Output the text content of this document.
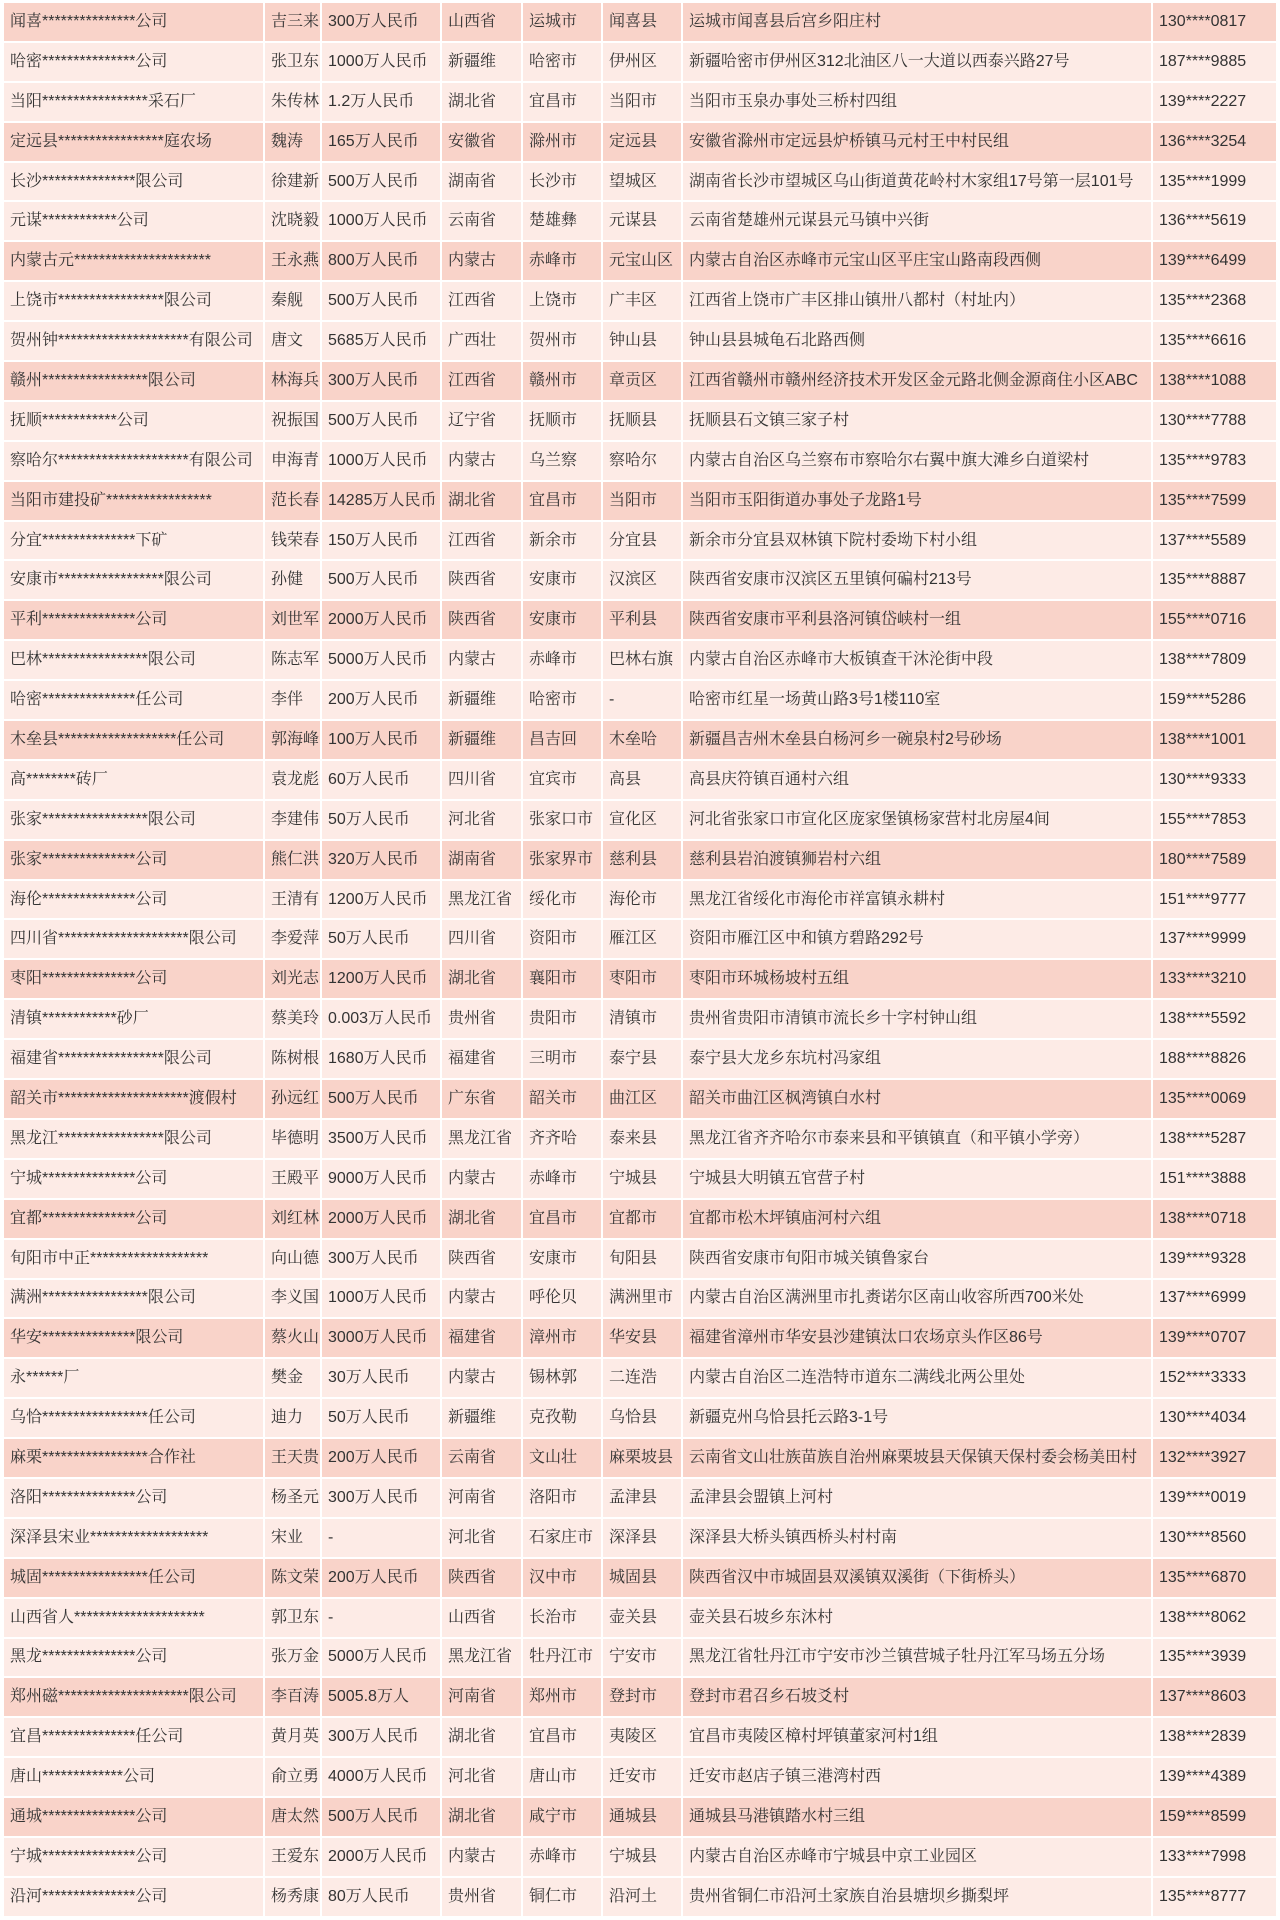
闻喜***************公司	吉三来 300万人民币	山西省	运城市	闻喜县	运城市闻喜县后宫乡阳庄村	130****0817
哈密***************公司	张卫东 1000万人民币	新疆维	哈密市	伊州区	新疆哈密市伊州区312北油区八一大道以西泰兴路27号	187****9885
当阳*****************采石厂	朱传林 1.2万人民币	湖北省	宜昌市	当阳市	当阳市玉泉办事处三桥村四组	139****2227
定远县*****************庭农场	魏涛	165万人民币	安徽省	滁州市	定远县	安徽省滁州市定远县炉桥镇马元村王中村民组	136****3254
长沙***************限公司	徐建新 500万人民币	湖南省	长沙市	望城区	湖南省长沙市望城区乌山街道黄花岭村木家组17号第一层101号	135****1999
元谋************公司	沈晓毅 1000万人民币	云南省	楚雄彝	元谋县	云南省楚雄州元谋县元马镇中兴街	136****5619
内蒙古元**********************	王永燕 800万人民币	内蒙古	赤峰市	元宝山区 内蒙古自治区赤峰市元宝山区平庄宝山路南段西侧	139****6499
上饶市*****************限公司	秦舰	500万人民币	江西省	上饶市	广丰区	江西省上饶市广丰区排山镇卅八都村（村址内）	135****2368
贺州钟*********************有限公司	唐文	5685万人民币	广西壮	贺州市	钟山县	钟山县县城龟石北路西侧	135****6616
赣州*****************限公司	林海兵 300万人民币	江西省	赣州市	章贡区	江西省赣州市赣州经济技术开发区金元路北侧金源商住小区ABC	138****1088
抚顺************公司	祝振国 500万人民币	辽宁省	抚顺市	抚顺县	抚顺县石文镇三家子村	130****7788
察哈尔*********************有限公司	申海青 1000万人民币	内蒙古	乌兰察	察哈尔	内蒙古自治区乌兰察布市察哈尔右翼中旗大滩乡白道梁村	135****9783
当阳市建投矿*****************	范长春 14285万人民币 湖北省	宜昌市	当阳市	当阳市玉阳街道办事处子龙路1号	135****7599
分宜***************下矿	钱荣春 150万人民币	江西省	新余市	分宜县	新余市分宜县双林镇下院村委坳下村小组	137****5589
安康市*****************限公司	孙健	500万人民币	陕西省	安康市	汉滨区	陕西省安康市汉滨区五里镇何碥村213号	135****8887
平利***************公司	刘世军 2000万人民币	陕西省	安康市	平利县	陕西省安康市平利县洛河镇岱峡村一组	155****0716
巴林*****************限公司	陈志军 5000万人民币	内蒙古	赤峰市	巴林右旗 内蒙古自治区赤峰市大板镇查干沐沦街中段	138****7809
哈密***************任公司	李伴	200万人民币	新疆维	哈密市	-	哈密市红星一场黄山路3号1楼110室	159****5286
木垒县*******************任公司	郭海峰 100万人民币	新疆维	昌吉回	木垒哈	新疆昌吉州木垒县白杨河乡一碗泉村2号砂场	138****1001
高********砖厂	袁龙彪 60万人民币	四川省	宜宾市	高县	高县庆符镇百通村六组	130****9333
张家*****************限公司	李建伟 50万人民币	河北省	张家口市 宣化区	河北省张家口市宣化区庞家堡镇杨家营村北房屋4间	155****7853
张家***************公司	熊仁洪 320万人民币	湖南省	张家界市 慈利县	慈利县岩泊渡镇狮岩村六组	180****7589
海伦***************公司	王清有 1200万人民币	黑龙江省	绥化市	海伦市	黑龙江省绥化市海伦市祥富镇永耕村	151****9777
四川省*********************限公司	李爱萍 50万人民币	四川省	资阳市	雁江区	资阳市雁江区中和镇方碧路292号	137****9999
枣阳***************公司	刘光志 1200万人民币	湖北省	襄阳市	枣阳市	枣阳市环城杨坡村五组	133****3210
清镇************砂厂	蔡美玲 0.003万人民币 贵州省	贵阳市	清镇市	贵州省贵阳市清镇市流长乡十字村钟山组	138****5592
福建省*****************限公司	陈树根 1680万人民币	福建省	三明市	泰宁县	泰宁县大龙乡东坑村冯家组	188****8826
韶关市*********************渡假村	孙远红 500万人民币	广东省	韶关市	曲江区	韶关市曲江区枫湾镇白水村	135****0069
黑龙江*****************限公司	毕德明 3500万人民币	黑龙江省	齐齐哈	泰来县	黑龙江省齐齐哈尔市泰来县和平镇镇直（和平镇小学旁）	138****5287
宁城***************公司	王殿平 9000万人民币	内蒙古	赤峰市	宁城县	宁城县大明镇五官营子村	151****3888
宜都***************公司	刘红林 2000万人民币	湖北省	宜昌市	宜都市	宜都市松木坪镇庙河村六组	138****0718
旬阳市中正*******************	向山德 300万人民币	陕西省	安康市	旬阳县	陕西省安康市旬阳市城关镇鲁家台	139****9328
满洲*****************限公司	李义国 1000万人民币	内蒙古	呼伦贝	满洲里市 内蒙古自治区满洲里市扎赉诺尔区南山收容所西700米处	137****6999
华安***************限公司	蔡火山 3000万人民币	福建省	漳州市	华安县	福建省漳州市华安县沙建镇汰口农场京头作区86号	139****0707
永******厂	樊金	30万人民币	内蒙古	锡林郭	二连浩	内蒙古自治区二连浩特市道东二满线北两公里处	152****3333
乌恰*****************任公司	迪力	50万人民币	新疆维	克孜勒	乌恰县	新疆克州乌恰县托云路3-1号	130****4034
麻栗*****************合作社	王天贵 200万人民币	云南省	文山壮	麻栗坡县 云南省文山壮族苗族自治州麻栗坡县天保镇天保村委会杨美田村	132****3927
洛阳***************公司	杨圣元 300万人民币	河南省	洛阳市	孟津县	孟津县会盟镇上河村	139****0019
深泽县宋业*******************	宋业	-	河北省	石家庄市 深泽县	深泽县大桥头镇西桥头村村南	130****8560
城固*****************任公司	陈文荣 200万人民币	陕西省	汉中市	城固县	陕西省汉中市城固县双溪镇双溪街（下街桥头）	135****6870
山西省人*********************	郭卫东 -	山西省	长治市	壶关县	壶关县石坡乡东沐村	138****8062
黑龙***************公司	张万金 5000万人民币	黑龙江省	牡丹江市 宁安市	黑龙江省牡丹江市宁安市沙兰镇营城子牡丹江军马场五分场	135****3939
郑州磁*********************限公司	李百涛 5005.8万人	河南省	郑州市	登封市	登封市君召乡石坡爻村	137****8603
宜昌***************任公司	黄月英 300万人民币	湖北省	宜昌市	夷陵区	宜昌市夷陵区樟村坪镇董家河村1组	138****2839
唐山*************公司	俞立勇 4000万人民币	河北省	唐山市	迁安市	迁安市赵店子镇三港湾村西	139****4389
通城***************公司	唐太然 500万人民币	湖北省	咸宁市	通城县	通城县马港镇踏水村三组	159****8599
宁城***************公司	王爱东 2000万人民币	内蒙古	赤峰市	宁城县	内蒙古自治区赤峰市宁城县中京工业园区	133****7998
沿河***************公司	杨秀康 80万人民币	贵州省	铜仁市	沿河土	贵州省铜仁市沿河土家族自治县塘坝乡撕梨坪	135****8777
